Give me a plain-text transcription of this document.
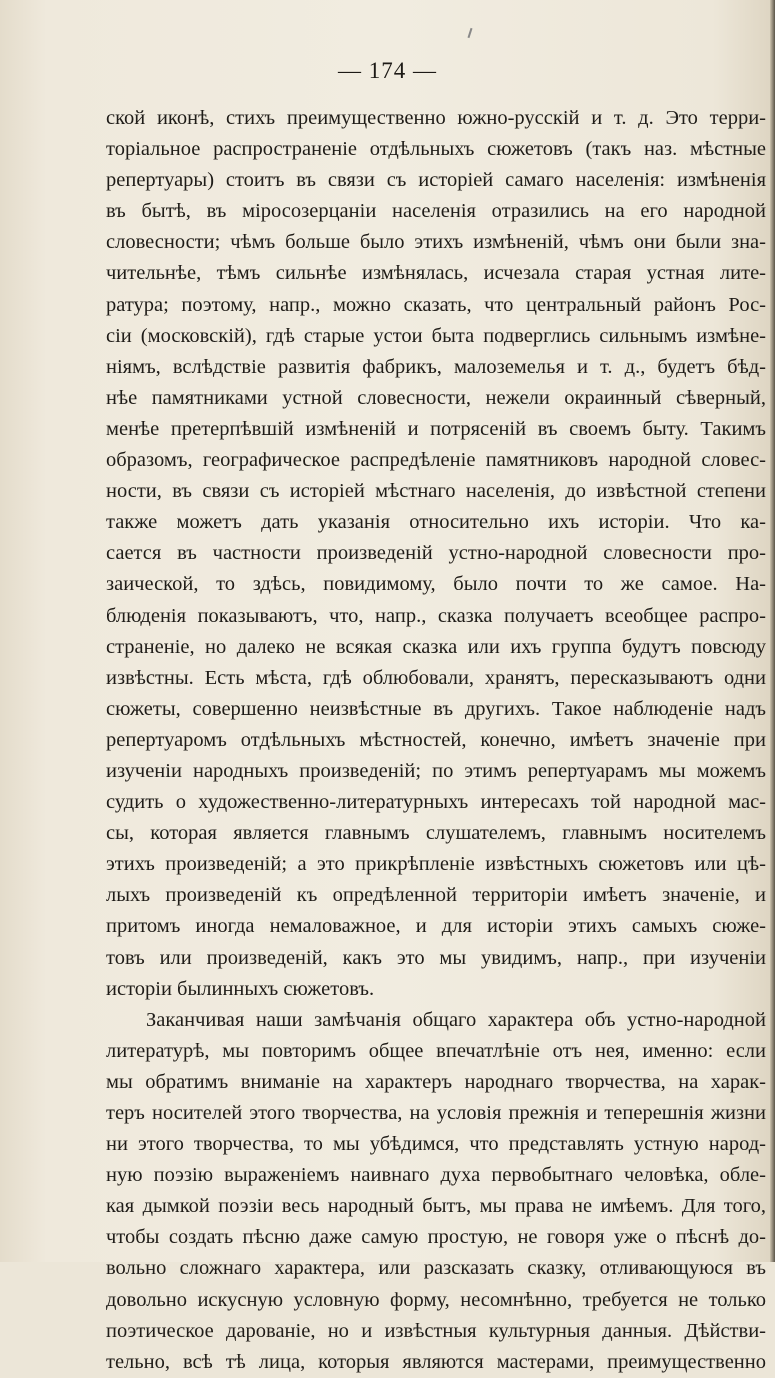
— 174 —
ской иконѣ, стихъ преимущественно южно-русскій и т. д. Это терри-
торіальное распространеніе отдѣльныхъ сюжетовъ (такъ наз. мѣстные
репертуары) стоитъ въ связи съ исторіей самаго населенія: измѣненія
въ бытѣ, въ міросозерцаніи населенія отразились на его народной
словесности; чѣмъ больше было этихъ измѣненій, чѣмъ они были зна-
чительнѣе, тѣмъ сильнѣе измѣнялась, исчезала старая устная лите-
ратура; поэтому, напр., можно сказать, что центральный районъ Рос-
сіи (московскій), гдѣ старые устои быта подверглись сильнымъ измѣне-
ніямъ, вслѣдствіе развитія фабрикъ, малоземелья и т. д., будетъ бѣд-
нѣе памятниками устной словесности, нежели окраинный сѣверный,
менѣе претерпѣвшій измѣненій и потрясеній въ своемъ быту. Такимъ
образомъ, географическое распредѣленіе памятниковъ народной словес-
ности, въ связи съ исторіей мѣстнаго населенія, до извѣстной степени
также можетъ дать указанія относительно ихъ исторіи. Что ка-
сается въ частности произведеній устно-народной словесности про-
заической, то здѣсь, повидимому, было почти то же самое. На-
блюденія показываютъ, что, напр., сказка получаетъ всеобщее распро-
страненіе, но далеко не всякая сказка или ихъ группа будутъ повсюду
извѣстны. Есть мѣста, гдѣ облюбовали, хранятъ, пересказываютъ одни
сюжеты, совершенно неизвѣстные въ другихъ. Такое наблюденіе надъ
репертуаромъ отдѣльныхъ мѣстностей, конечно, имѣетъ значеніе при
изученіи народныхъ произведеній; по этимъ репертуарамъ мы можемъ
судить о художественно-литературныхъ интересахъ той народной мас-
сы, которая является главнымъ слушателемъ, главнымъ носителемъ
этихъ произведеній; а это прикрѣпленіе извѣстныхъ сюжетовъ или цѣ-
лыхъ произведеній къ опредѣленной территоріи имѣетъ значеніе, и
притомъ иногда немаловажное, и для исторіи этихъ самыхъ сюже-
товъ или произведеній, какъ это мы увидимъ, напр., при изученіи
исторіи былинныхъ сюжетовъ.
Заканчивая наши замѣчанія общаго характера объ устно-народной
литературѣ, мы повторимъ общее впечатлѣніе отъ нея, именно: если
мы обратимъ вниманіе на характеръ народнаго творчества, на харак-
теръ носителей этого творчества, на условія прежнія и теперешнія жизни
ни этого творчества, то мы убѣдимся, что представлять устную народ-
ную поэзію выраженіемъ наивнаго духа первобытнаго человѣка, обле-
кая дымкой поэзіи весь народный бытъ, мы права не имѣемъ. Для того,
чтобы создать пѣсню даже самую простую, не говоря уже о пѣснѣ до-
вольно сложнаго характера, или разсказать сказку, отливающуюся въ
довольно искусную условную форму, несомнѣнно, требуется не только
поэтическое дарованіе, но и извѣстныя культурныя данныя. Дѣйстви-
тельно, всѣ тѣ лица, которыя являются мастерами, преимущественно
